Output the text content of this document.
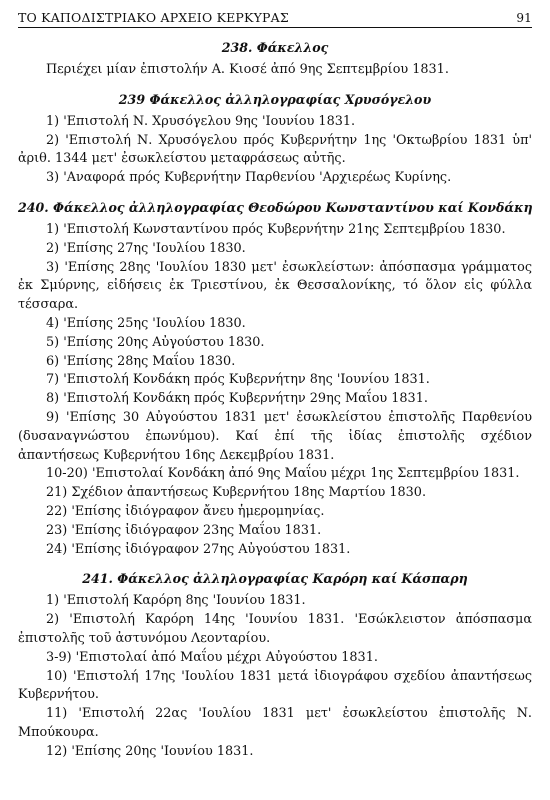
ΤΟ ΚΑΠΟΔΙΣΤΡΙΑΚΟ ΑΡΧΕΙΟ ΚΕΡΚΥΡΑΣ	91
238. Φάκελλος

Περιέχει μίαν ἐπιστολήν Α. Κιοσέ ἀπό 9ης Σεπτεμβρίου 1831.

239 Φάκελλος ἀλληλογραφίας Χρυσόγελου

1) 'Επιστολή Ν. Χρυσόγελου 9ης 'Ιουνίου 1831.

2) 'Επιστολή Ν. Χρυσόγελου πρός Κυβερνήτην 1ης 'Οκτωβρίου 1831 ὑπ' ἀριθ. 1344 μετ' ἐσωκλείστου μεταφράσεως αὐτῆς.

3) 'Αναφορά πρός Κυβερνήτην Παρθενίου 'Αρχιερέως Κυρίνης.

240. Φάκελλος ἀλληλογραφίας Θεοδώρου Κωνσταντίνου καί Κονδάκη

1) 'Επιστολή Κωνσταντίνου πρός Κυβερνήτην 21ης Σεπτεμβρίου 1830.

2) 'Επίσης 27ης 'Ιουλίου 1830.

3) 'Επίσης 28ης 'Ιουλίου 1830 μετ' ἐσωκλείστων: ἀπόσπασμα γράμματος ἐκ Σμύρνης, εἰδήσεις ἐκ Τριεστίνου, ἐκ Θεσσαλονίκης, τό ὅλον εἰς φύλλα τέσσαρα.

4) 'Επίσης 25ης 'Ιουλίου 1830.

5) 'Επίσης 20ης Αὐγούστου 1830.

6) 'Επίσης 28ης Μαΐου 1830.

7) 'Επιστολή Κονδάκη πρός Κυβερνήτην 8ης 'Ιουνίου 1831.

8) 'Επιστολή Κονδάκη πρός Κυβερνήτην 29ης Μαΐου 1831.

9) 'Επίσης 30 Αὐγούστου 1831 μετ' ἐσωκλείστου ἐπιστολῆς Παρθενίου (δυσαναγνώστου ἐπωνύμου). Καί ἐπί τῆς ἰδίας ἐπιστολῆς σχέδιον ἀπαντήσεως Κυβερνήτου 16ης Δεκεμβρίου 1831.

10-20) 'Επιστολαί Κονδάκη ἀπό 9ης Μαΐου μέχρι 1ης Σεπτεμβρίου 1831.

21) Σχέδιον ἀπαντήσεως Κυβερνήτου 18ης Μαρτίου 1830.

22) 'Επίσης ἰδιόγραφον ἄνευ ἡμερομηνίας.

23) 'Επίσης ἰδιόγραφον 23ης Μαΐου 1831.

24) 'Επίσης ἰδιόγραφον 27ης Αὐγούστου 1831.

241. Φάκελλος ἀλληλογραφίας Καρόρη καί Κάσπαρη

1) 'Επιστολή Καρόρη 8ης 'Ιουνίου 1831.

2) 'Επιστολή Καρόρη 14ης 'Ιουνίου 1831. 'Εσώκλειστον ἀπόσπασμα ἐπιστολῆς τοῦ ἀστυνόμου Λεονταρίου.

3-9) 'Επιστολαί ἀπό Μαΐου μέχρι Αὐγούστου 1831.

10) 'Επιστολή 17ης 'Ιουλίου 1831 μετά ἰδιογράφου σχεδίου ἀπαντήσεως Κυβερνήτου.

11) 'Επιστολή 22ας 'Ιουλίου 1831 μετ' ἐσωκλείστου ἐπιστολῆς Ν. Μπούκουρα.

12) 'Επίσης 20ης 'Ιουνίου 1831.
